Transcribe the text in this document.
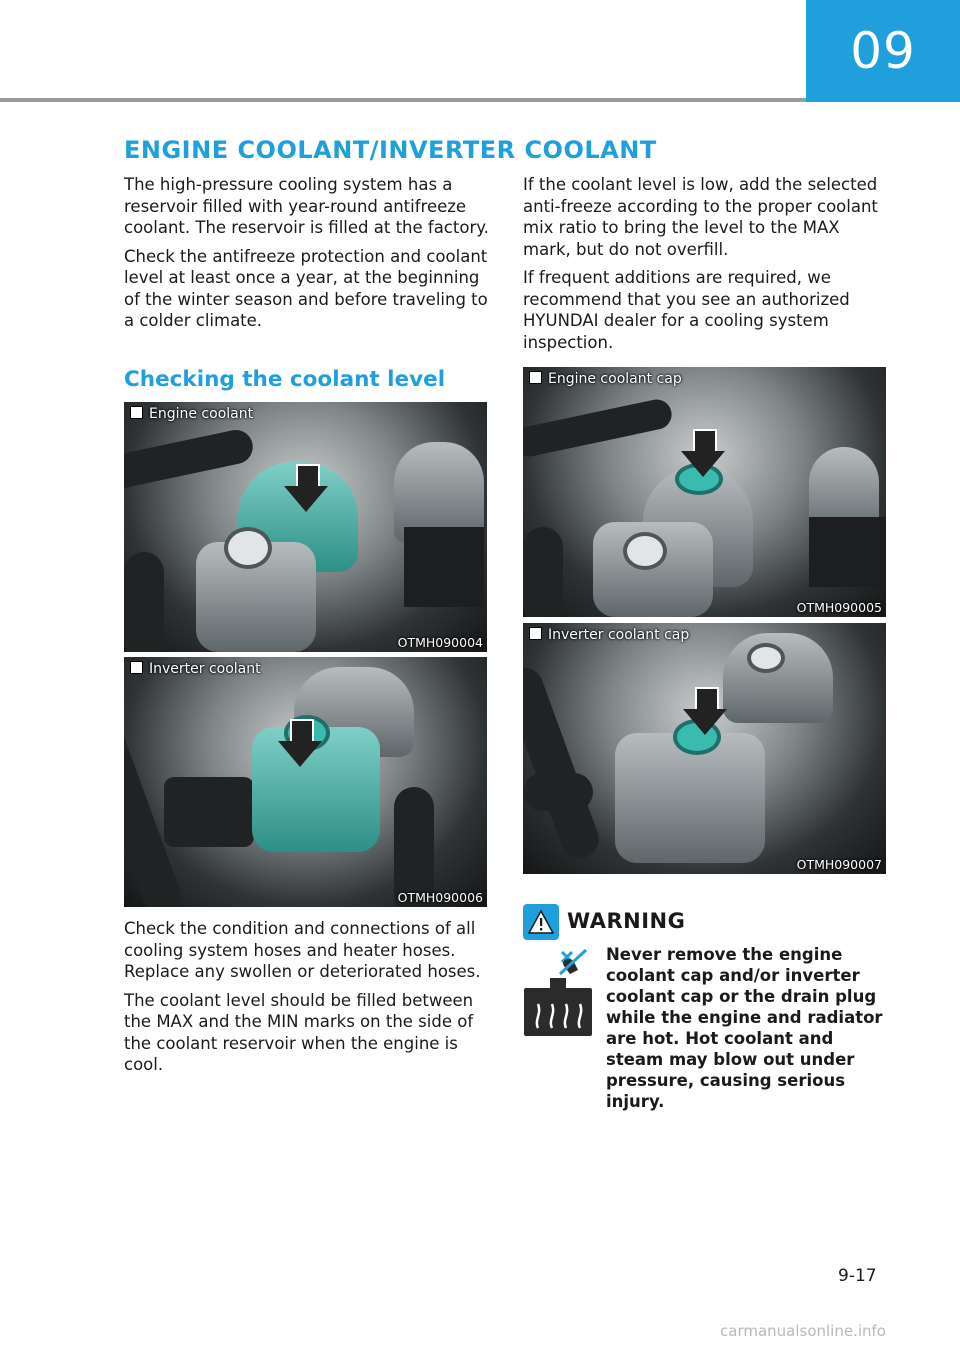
09
ENGINE COOLANT/INVERTER COOLANT

The high-pressure cooling system has a reservoir filled with year-round antifreeze coolant. The reservoir is filled at the factory.

Check the antifreeze protection and coolant level at least once a year, at the beginning of the winter season and before traveling to a colder climate.

If the coolant level is low, add the selected anti-freeze according to the proper coolant mix ratio to bring the level to the MAX mark, but do not overfill.

If frequent additions are required, we recommend that you see an authorized HYUNDAI dealer for a cooling system inspection.

Checking the coolant level
Engine coolant
OTMH090004
Inverter coolant
OTMH090006
Engine coolant cap
OTMH090005
Inverter coolant cap
OTMH090007

Check the condition and connections of all cooling system hoses and heater hoses. Replace any swollen or deteriorated hoses.

The coolant level should be filled between the MAX and the MIN marks on the side of the coolant reservoir when the engine is cool.

WARNING
Never remove the engine coolant cap and/or inverter coolant cap or the drain plug while the engine and radiator are hot. Hot coolant and steam may blow out under pressure, causing serious injury.
9-17
carmanualsonline.info
